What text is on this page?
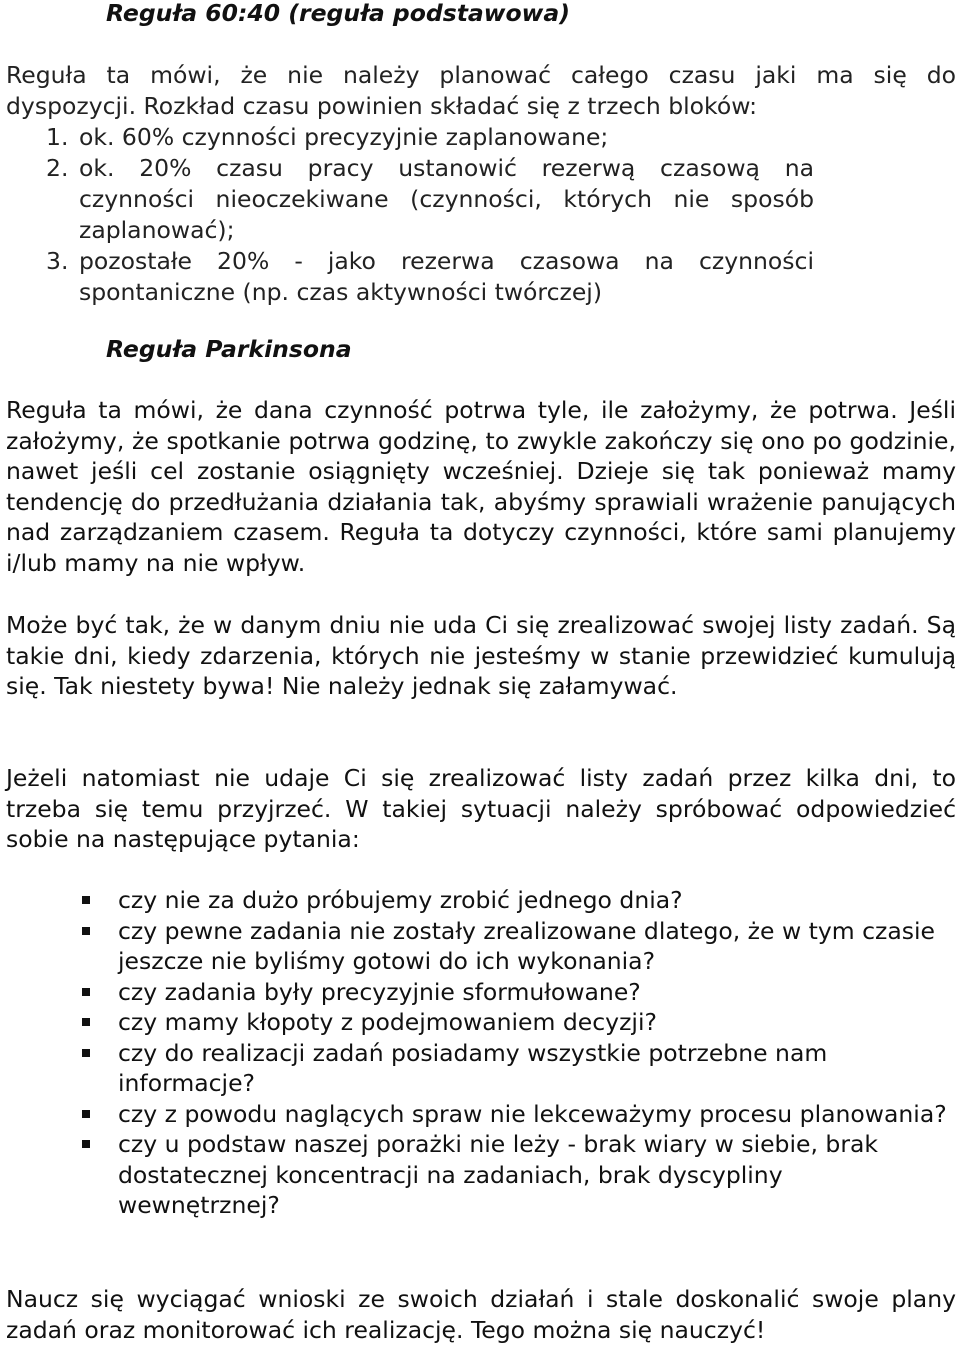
Reguła 60:40 (reguła podstawowa)
Reguła ta mówi, że nie należy planować całego czasu jaki ma się do
dyspozycji. Rozkład czasu powinien składać się z trzech bloków:
1. ok. 60% czynności precyzyjnie zaplanowane;
2. ok. 20% czasu pracy ustanowić rezerwą czasową na czynności nieoczekiwane (czynności, których nie sposób zaplanować);
3. pozostałe 20% - jako rezerwa czasowa na czynności spontaniczne (np. czas aktywności twórczej)
Reguła Parkinsona
Reguła ta mówi, że dana czynność potrwa tyle, ile założymy, że potrwa. Jeśli założymy, że spotkanie potrwa godzinę, to zwykle zakończy się ono po godzinie, nawet jeśli cel zostanie osiągnięty wcześniej. Dzieje się tak ponieważ mamy tendencję do przedłużania działania tak, abyśmy sprawiali wrażenie panujących nad zarządzaniem czasem. Reguła ta dotyczy czynności, które sami planujemy i/lub mamy na nie wpływ.
Może być tak, że w danym dniu nie uda Ci się zrealizować swojej listy zadań. Są takie dni, kiedy zdarzenia, których nie jesteśmy w stanie przewidzieć kumulują się. Tak niestety bywa! Nie należy jednak się załamywać.
Jeżeli natomiast nie udaje Ci się zrealizować listy zadań przez kilka dni, to trzeba się temu przyjrzeć. W takiej sytuacji należy spróbować odpowiedzieć sobie na następujące pytania:
czy nie za dużo próbujemy zrobić jednego dnia?
czy pewne zadania nie zostały zrealizowane dlatego, że w tym czasie jeszcze nie byliśmy gotowi do ich wykonania?
czy zadania były precyzyjnie sformułowane?
czy mamy kłopoty z podejmowaniem decyzji?
czy do realizacji zadań posiadamy wszystkie potrzebne nam informacje?
czy z powodu naglących spraw nie lekceważymy procesu planowania?
czy u podstaw naszej porażki nie leży - brak wiary w siebie, brak dostatecznej koncentracji na zadaniach, brak dyscypliny wewnętrznej?
Naucz się wyciągać wnioski ze swoich działań i stale doskonalić swoje plany zadań oraz monitorować ich realizację. Tego można się nauczyć!
